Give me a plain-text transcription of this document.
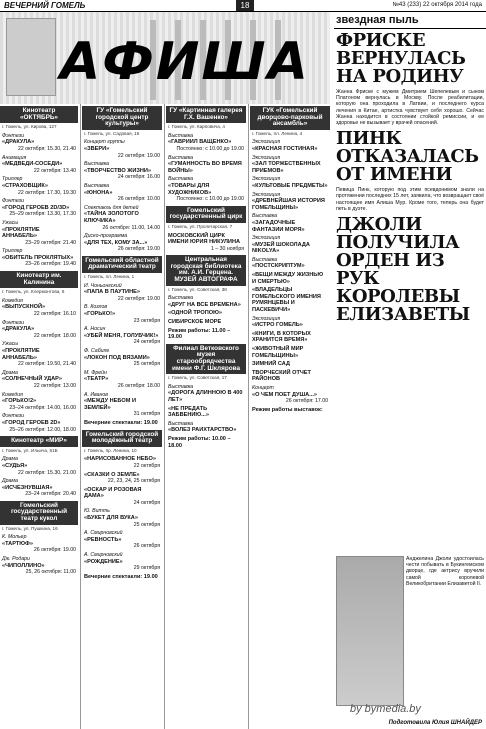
ВЕЧЕРНИЙ ГОМЕЛЬ	18	№43 (233) 22 октября 2014 года
АФИША
Кинотеатр «ОКТЯБРЬ»
г. Гомель, ул. Кирова, 127
Фэнтези
«ДРАКУЛА»
22 октября: 15.30, 21.40
Анимация
«МЕДВЕДИ-СОСЕДИ»
22 октября: 13.40
Триллер
«СТРАХОВЩИК»
22 октября: 17.30, 19.30
Фэнтези
«ГОРОД ГЕРОЕВ 2D/3D»
25–29 октября: 13.30, 17.30
Ужасы
«ПРОКЛЯТИЕ АННАБЕЛЬ»
23–29 октября: 21.40
Триллер
«ОБИТЕЛЬ ПРОКЛЯТЫХ»
23–26 октября: 19.40
Кинотеатр им. Калинина
г. Гомель, ул. Клермонтова, 6
Комедия
«ВЫПУСКНОЙ»
22 октября: 16.10
Фэнтези
«ДРАКУЛА»
22 октября: 18.00
Ужасы
«ПРОКЛЯТИЕ АННАБЕЛЬ»
22 октября: 19.50, 21.40
Драма
«СОЛНЕЧНЫЙ УДАР»
22 октября: 13.00
Комедия
«ГОРЬКО!2»
23–24 октября: 14.00, 16.00
Фэнтези
«ГОРОД ГЕРОЕВ 2D»
25–26 октября: 12.00, 18.00
Кинотеатр «МИР»
г. Гомель, ул. Ильича, 51Б
Драма
«СУДЬЯ»
22 октября: 15.30, 21.00
Драма
«ИСЧЕЗНУВШАЯ»
23–24 октября: 20.40
Гомельский государственный театр кукол
г. Гомель, ул. Пушкина, 16
К. Мольер
«ТАРТЮФ»
26 октября: 19.00
Дж. Родари
«ЧИПОЛЛИНО»
25, 26 октября: 11.00
ГУ «Гомельский городской центр культуры»
г. Гомель, ул. Садовая, 16
Концерт группы
«ЗВЕРИ»
22 октября: 19.00
Выставка
«ТВОРЧЕСТВО ЖИЗНИ»
24 октября: 16.00
Выставка
«ЮНОНА»
26 октября: 10.00
Спектакль для детей
«ТАЙНА ЗОЛОТОГО КЛЮЧИКА»
26 октября: 11.00, 14.00
Диско-программа
«ДЛЯ ТЕХ, КОМУ ЗА...»
26 октября: 19.00
Гомельский областной драматический театр
г. Гомель, пл. Ленина, 1
И. Чоньонгский
«ПАПА В ПАУТИНЕ»
22 октября: 19.00
В. Козлов
«ГОРЬКО!»
23 октября
А. Носин
«УБЕЙ МЕНЯ, ГОЛУБЧИК!»
24 октября
Ф. Сабиле
«ЛОКОН ПОД ВЯЗАМИ»
25 октября
М. Фрейн
«ТЕАТР»
26 октября: 18.00
А. Иванов
«МЕЖДУ НЕБОМ И ЗЕМЛЕЙ»
31 октября
Вечерние спектакли: 19.00
Гомельский городской молодёжный театр
г. Гомель, пр. Ленина, 10
«НАРИСОВАННОЕ НЕБО»
22 октября
«СКАЗКИ О ЗЕМЛЕ»
22, 23, 24, 25 октября
«ОСКАР И РОЗОВАЯ ДАМА»
24 октября
Ю. Витть
«БУКЕТ ДЛЯ ВУКА»
25 октября
А. Смирновский
«РЕВНОСТЬ»
26 октября
А. Смирновский
«РОЖДЕНИЕ»
29 октября
Вечерние спектакли: 19.00
ГУ «Картинная галерея Г.Х. Вашенко»
г. Гомель, ул. Карповича, 4
Выставка
«ГАВРИИЛ ВАЩЕНКО»
Постоянно: с 10.00 до 19.00
Выставка
«ГУМАННОСТЬ ВО ВРЕМЯ ВОЙНЫ»
Выставка
«ТОВАРЫ ДЛЯ ХУДОЖНИКОВ»
Постоянно: с 10.00 до 19.00
Гомельский государственный цирк
г. Гомель, ул. Пролетарская, 7
МОСКОВСКИЙ ЦИРК ИМЕНИ ЮРИЯ НИКУЛИНА
1 – 30 ноября
Центральная городская библиотека им. А.И. Герцена. МУЗЕЙ АВТОГРАФА
г. Гомель, ул. Советская, 38
Выставка
«ДРУГ НА ВСЕ ВРЕМЕНА»
«ОДНОЙ ТРОПОЮ»
СИБИРСКОЕ МОРЕ
Режим работы: 11.00 – 19.00
Филиал Ветковского музея старообрядчества имени Ф.Г. Шклярова
г. Гомель, ул. Советская, 17
Выставка
«ДОРОГА ДЛИННОЮ В 400 ЛЕТ»
«НЕ ПРЕДАТЬ ЗАБВЕНИЮ...»
Выставка
«ВОЛЕЗ РАИХТАРСТВО»
Режим работы: 10.00 – 18.00
ГУК «Гомельский дворцово-парковый ансамбль»
г. Гомель, пл. Ленина, 4
Экспозиция
«КРАСНАЯ ГОСТИНАЯ»
Экспозиция
«ЗАЛ ТОРЖЕСТВЕННЫХ ПРИЕМОВ»
Экспозиция
«КУЛЬТОВЫЕ ПРЕДМЕТЫ»
Экспозиция
«ДРЕВНЕЙШАЯ ИСТОРИЯ ГОМЕЛЬЩИНЫ»
Выставка
«ЗАГАДОЧНЫЕ ФАНТАЗИИ МОРЯ»
Экспозиция
«МУЗЕЙ ШОКОЛАДА NIKOLYA»
Выставка
«ПОСТСКРИПТУМ»
«ВЕЩИ МЕЖДУ ЖИЗНЬЮ И СМЕРТЬЮ»
«ВЛАДЕЛЬЦЫ ГОМЕЛЬСКОГО ИМЕНИЯ РУМЯНЦЕВЫ И ПАСКЕВИЧИ»
Экспозиция
«ИСТРО ГОМЕЛЬ»
«КНИГИ, В КОТОРЫХ ХРАНИТСЯ ВРЕМЯ»
«ЖИВОТНЫЙ МИР ГОМЕЛЬЩИНЫ»
ЗИМНИЙ САД
ТВОРЧЕСКИЙ ОТЧЕТ РАЙОНОВ
Концерт
«О ЧЕМ ПОЕТ ДУША...»
26 октября: 17.00
Режим работы выставок:
звездная пыль
ФРИСКЕ ВЕРНУЛАСЬ НА РОДИНУ
Жанна Фриске с мужем Дмитрием Шепелевым и сыном Платоном вернулась в Москву. После реабилитации, которую она проходила в Латвии, и последнего курса лечения в Китае, артистка чувствует себя хорошо. Сейчас Жанна находится в состоянии стойкой ремиссии, и ее здоровье не вызывает у врачей опасений.
ПИНК ОТКАЗАЛАСЬ ОТ ИМЕНИ
Певица Пинк, которую под этим псевдонимом знали на протяжении последних 15 лет, заявила, что возвращает своё настоящее имя Алиша Мур. Кроме того, теперь она будет петь в дуэте.
ДЖОЛИ ПОЛУЧИЛА ОРДЕН ИЗ РУК КОРОЛЕВЫ ЕЛИЗАВЕТЫ
Анджелина Джоли удостоилась чести побывать в Букингемском дворце, где актрису вручили самой королевой Великобритании Елизаветой II.
by bymedia.by
Подготовила Юлия ШНАЙДЕР
